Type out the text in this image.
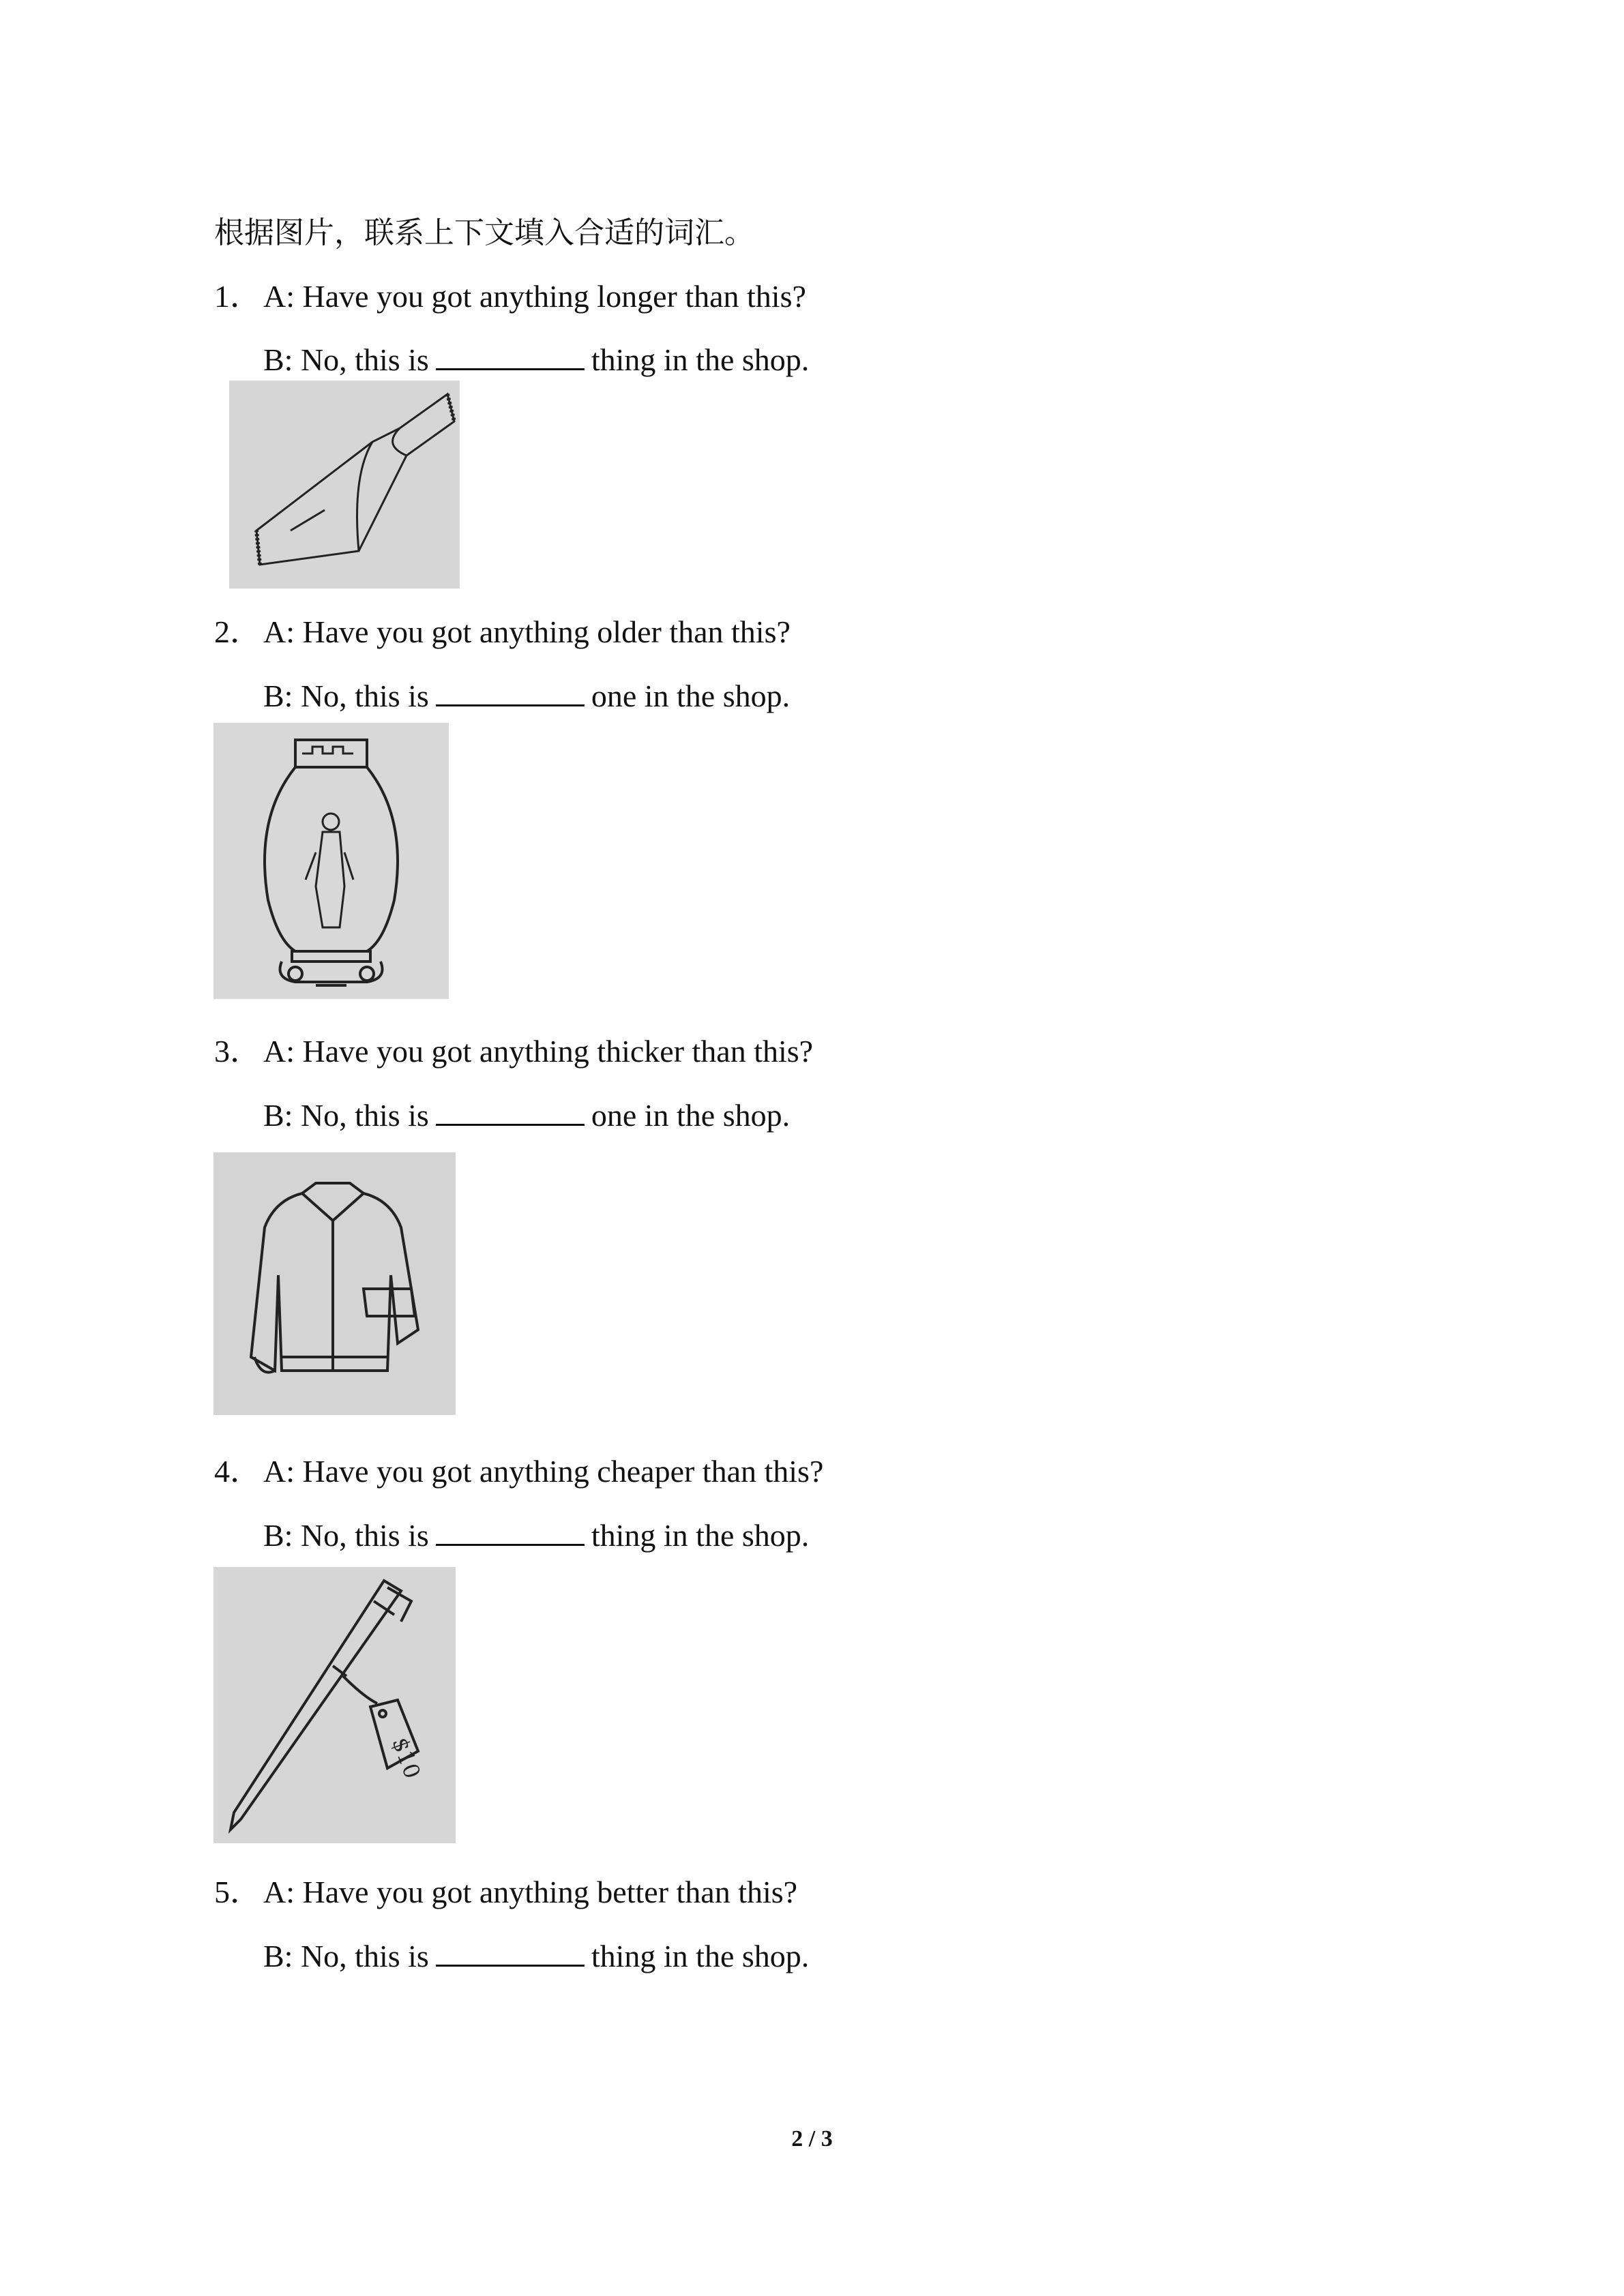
根据图片，联系上下文填入合适的词汇。
1．A: Have you got anything longer than this?
B: No, this is	thing in the shop.
2．A: Have you got anything older than this?
B: No, this is	one in the shop.
3．A: Have you got anything thicker than this?
B: No, this is	one in the shop.
4．A: Have you got anything cheaper than this?
B: No, this is	thing in the shop.
$10
5．A: Have you got anything better than this?
B: No, this is	thing in the shop.
2 / 3
